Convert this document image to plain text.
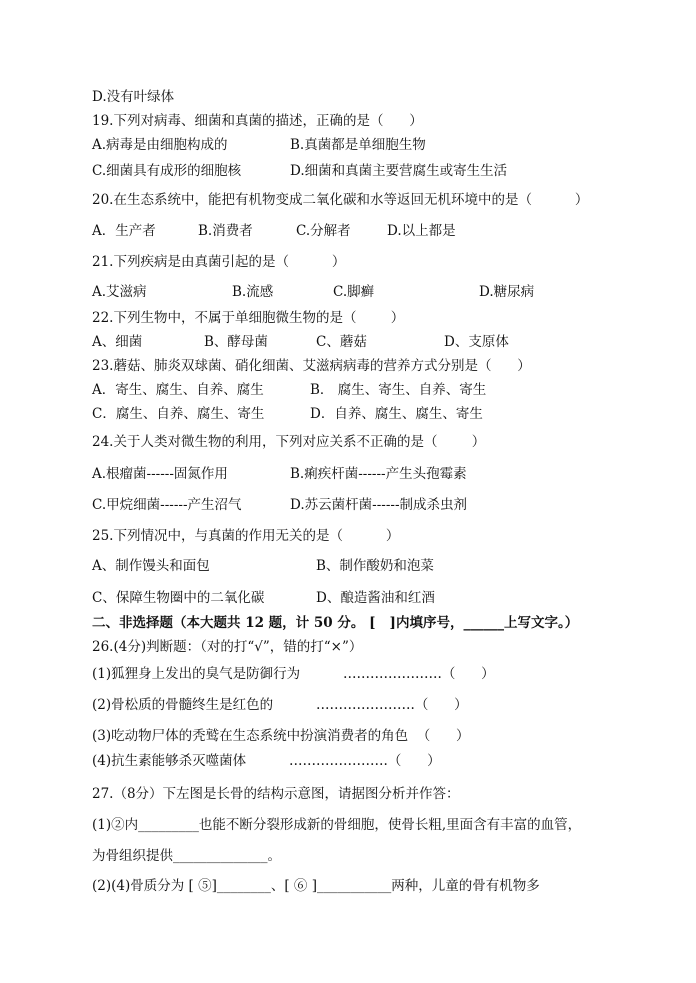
D.没有叶绿体
19.下列对病毒、细菌和真菌的描述，正确的是（      ）
A.病毒是由细胞构成的	B.真菌都是单细胞生物
C.细菌具有成形的细胞核	D.细菌和真菌主要营腐生或寄生生活
20.在生态系统中，能把有机物变成二氧化碳和水等返回无机环境中的是（          ）
A．生产者	B.消费者	C.分解者	D.以上都是
21.下列疾病是由真菌引起的是（          ）
A.艾滋病	B.流感	C.脚癣	D.糖尿病
22.下列生物中，不属于单细胞微生物的是（        ）
A、细菌	B、酵母菌	C、蘑菇	D、支原体
23.蘑菇、肺炎双球菌、硝化细菌、艾滋病病毒的营养方式分别是（      ）
A．寄生、腐生、自养、腐生	B． 腐生、寄生、自养、寄生
C．腐生、自养、腐生、寄生	D．自养、腐生、腐生、寄生
24.关于人类对微生物的利用，下列对应关系不正确的是（        ）
A.根瘤菌------固氮作用	B.痢疾杆菌------产生头孢霉素
C.甲烷细菌------产生沼气	D.苏云菌杆菌------制成杀虫剂
25.下列情况中，与真菌的作用无关的是（          ）
A、制作馒头和面包	B、制作酸奶和泡菜
C、保障生物圈中的二氧化碳	D、酿造酱油和红酒
二、非选择题（本大题共 12 题，计 50 分。 [   ]内填序号，______上写文字。）
26.(4分)判断题：（对的打“√”，错的打“×”）
(1)狐狸身上发出的臭气是防御行为          ………………….（      ）
(2)骨松质的骨髓终生是红色的          ………………….（      ）
(3)吃动物尸体的秃鹫在生态系统中扮演消费者的角色  （      ）
(4)抗生素能够杀灭噬菌体          ………………….（      ）
27.（8分）下左图是长骨的结构示意图，请据图分析并作答：
(1)②内_________也能不断分裂形成新的骨细胞，使骨长粗,里面含有丰富的血管，
为骨组织提供______________。
(2)(4)骨质分为 [ ⑤]________、[ ⑥ ]___________两种，儿童的骨有机物多
